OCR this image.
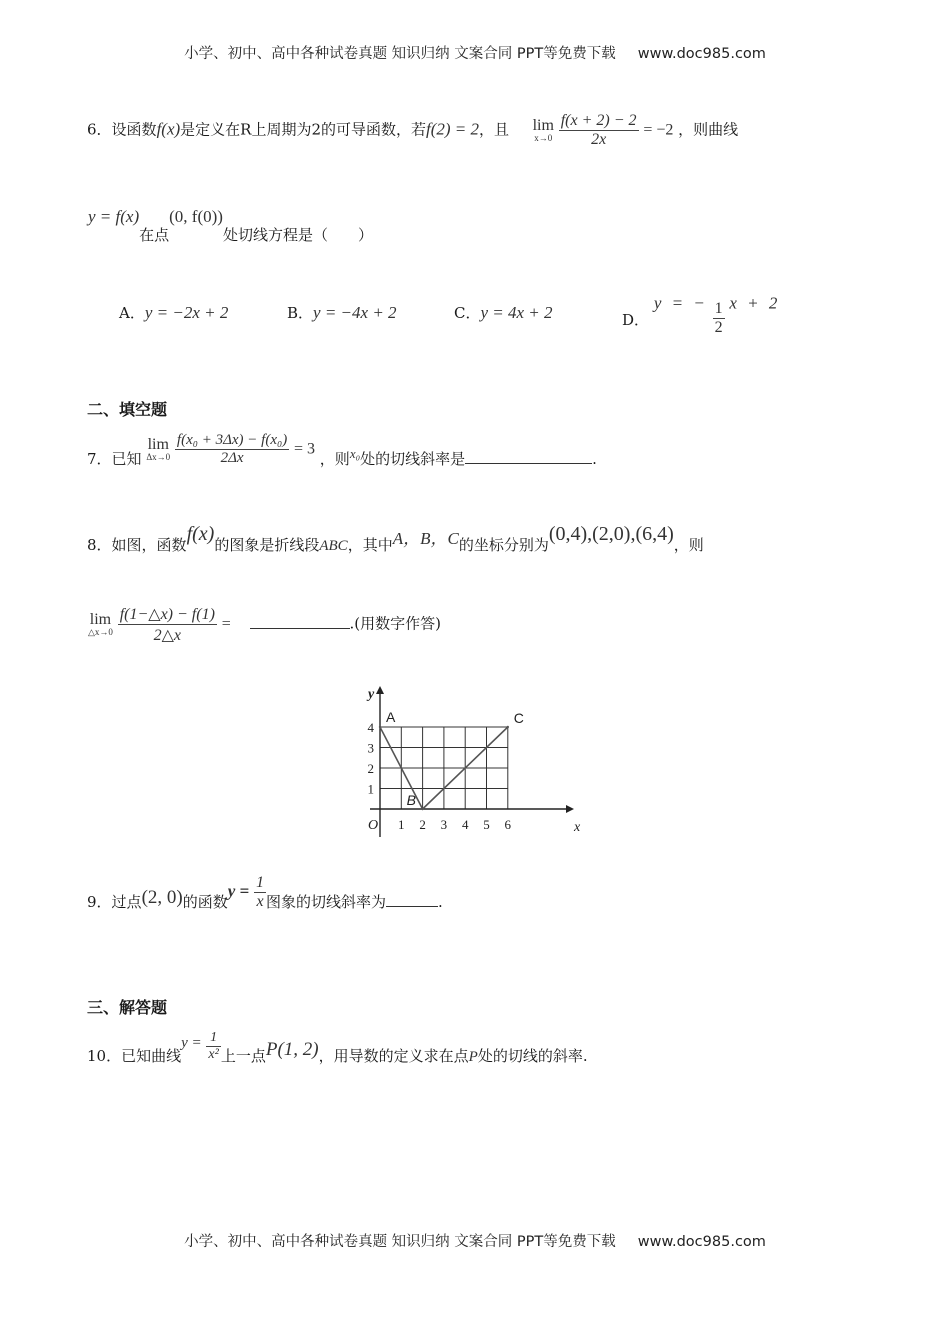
小学、初中、高中各种试卷真题 知识归纳 文案合同 PPT等免费下载 www.doc985.com
6．设函数f(x)是定义在R上周期为2的可导函数，若f(2) = 2，且 lim
x→0
$\frac{f(x + 2) - 2}{2x} = -2$ ，则曲线
y = f(x)在点(0, f(0))处切线方程是（　　）
A．y = −2x + 2	B．y = −4x + 2	C．y = 4x + 2	D． y = − $\frac{1}{2}$ x + 2
二、填空题
7．已知
lim
Δx→0
$\frac{\text{f(x₀ + 3Δx) − f(x₀)}}{2\Delta x} = 3$ ，则x₀处的切线斜率是	.
8．如图，函数f(x)的图象是折线段ABC，其中A，B，C的坐标分别为(0,4),(2,0),(6,4)，则
lim
△x→0
$\frac{f(1-\triangle x) - f(1)}{2\triangle x}$ =	.(用数字作答)
1 2 3 4 5 6
1
2
3
4
O	x
y
A
B
C
9．过点(2, 0)的函数$y = \frac{1}{x}$ 图象的切线斜率为	.
三、解答题
10．已知曲线$y = \frac{1}{\text{x²}}$ 上一点P(1, 2)，用导数的定义求在点P处的切线的斜率.
小学、初中、高中各种试卷真题 知识归纳 文案合同 PPT等免费下载 www.doc985.com
